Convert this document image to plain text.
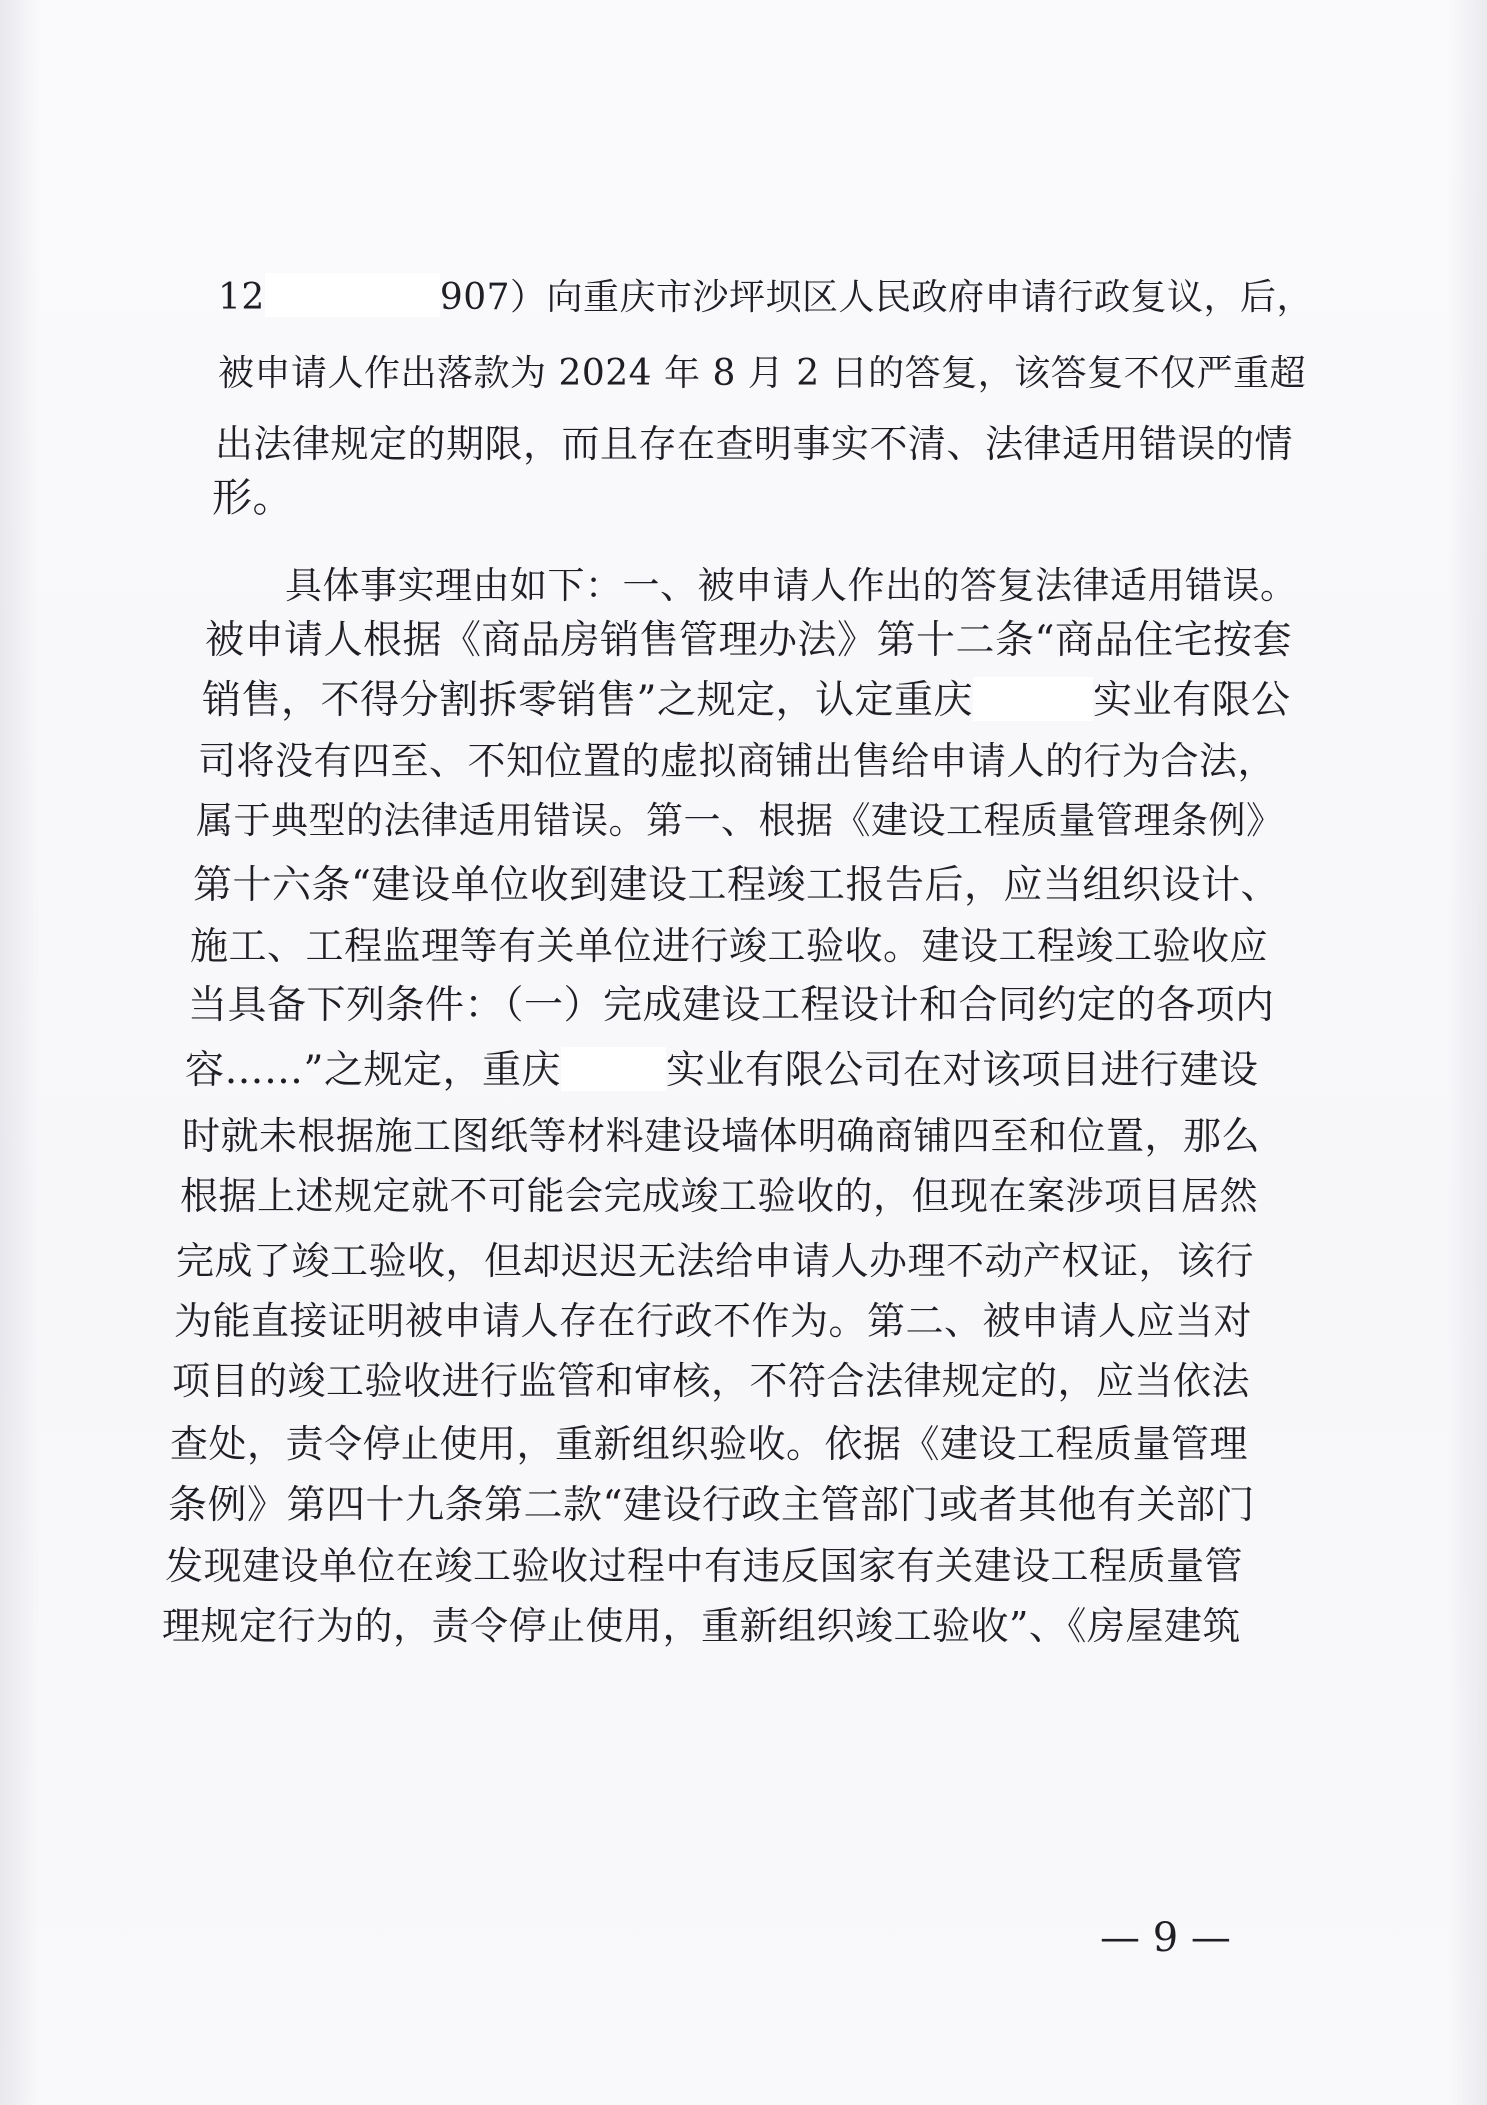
12	907）向重庆市沙坪坝区人民政府申请行政复议，后，
被申请人作出落款为 2024 年 8 月 2 日的答复，该答复不仅严重超
出法律规定的期限，而且存在查明事实不清、法律适用错误的情
形。
具体事实理由如下：一、被申请人作出的答复法律适用错误。
被申请人根据《商品房销售管理办法》第十二条“商品住宅按套
销售，不得分割拆零销售”之规定，认定重庆	实业有限公
司将没有四至、不知位置的虚拟商铺出售给申请人的行为合法，
属于典型的法律适用错误。第一、根据《建设工程质量管理条例》
第十六条“建设单位收到建设工程竣工报告后，应当组织设计、
施工、工程监理等有关单位进行竣工验收。建设工程竣工验收应
当具备下列条件：（一）完成建设工程设计和合同约定的各项内
容……”之规定，重庆	实业有限公司在对该项目进行建设
时就未根据施工图纸等材料建设墙体明确商铺四至和位置，那么
根据上述规定就不可能会完成竣工验收的，但现在案涉项目居然
完成了竣工验收，但却迟迟无法给申请人办理不动产权证，该行
为能直接证明被申请人存在行政不作为。第二、被申请人应当对
项目的竣工验收进行监管和审核，不符合法律规定的，应当依法
查处，责令停止使用，重新组织验收。依据《建设工程质量管理
条例》第四十九条第二款“建设行政主管部门或者其他有关部门
发现建设单位在竣工验收过程中有违反国家有关建设工程质量管
理规定行为的，责令停止使用，重新组织竣工验收”、《房屋建筑
— 9 —
